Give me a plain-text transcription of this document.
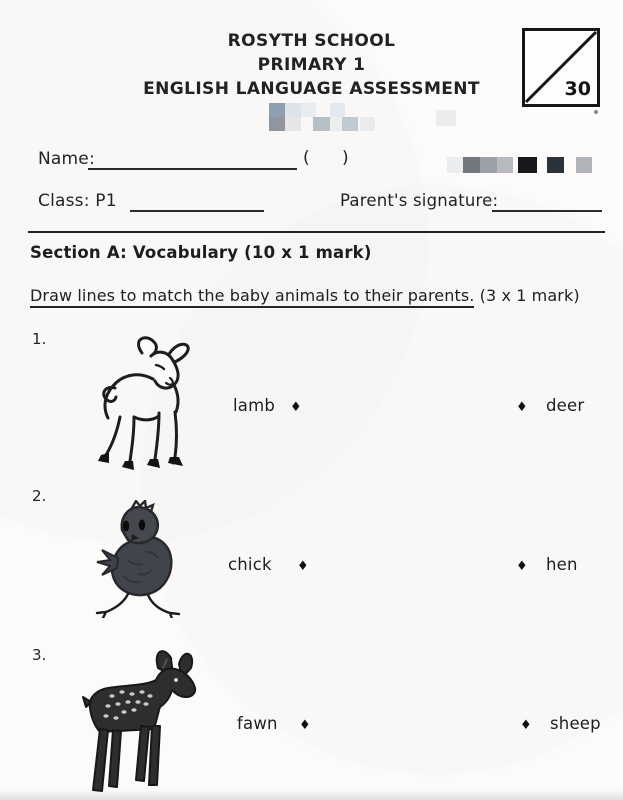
ROSYTH SCHOOL
PRIMARY 1
ENGLISH LANGUAGE ASSESSMENT	30
Name:	(      )
Class: P1	Parent's signature:
Section A: Vocabulary (10 x 1 mark)
Draw lines to match the baby animals to their parents. (3 x 1 mark)
1.
lamb ♦	♦ deer
2.
chick ♦	♦ hen
3.
fawn ♦	♦ sheep
